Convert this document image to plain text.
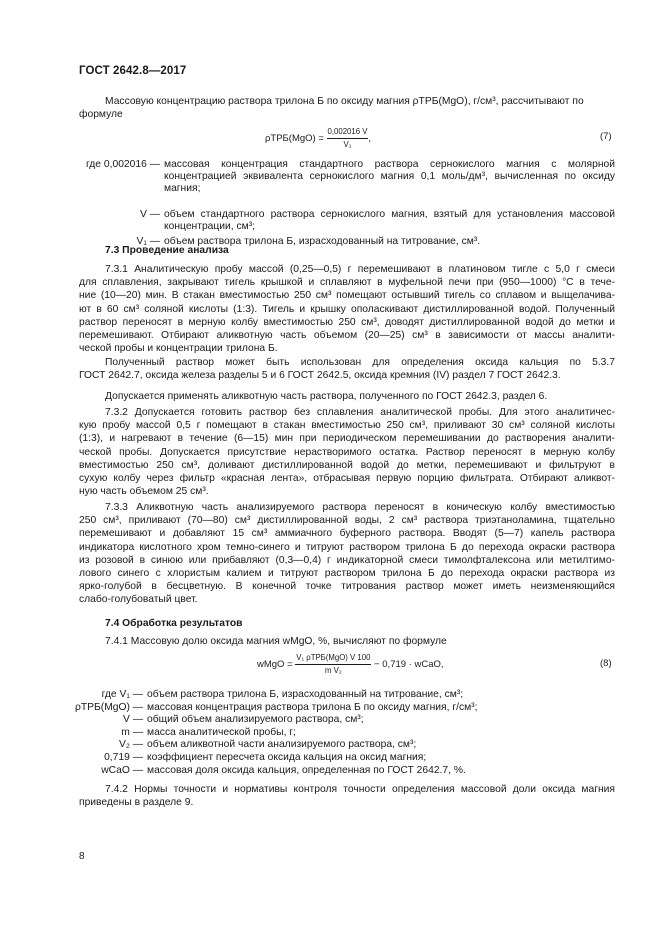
ГОСТ 2642.8—2017
Массовую концентрацию раствора трилона Б по оксиду магния ρТРБ(MgO), г/см³, рассчитывают по
формуле
$\rho ТРБ(MgO) = \frac{0,002016 V}{\text{V₁}}$ ,	(7)
где 0,002016 — массовая концентрация стандартного раствора сернокислого магния c молярной концентрацией эквивалента сернокислого магния 0,1 моль/дм³, вычисленная по оксиду магния;
V — объем стандартного раствора сернокислого магния, взятый для установления массовой концентрации, см³;
V₁ — объем раствора трилона Б, израсходованный на титрование, см³.
7.3 Проведение анализа
7.3.1 Аналитическую пробу массой (0,25—0,5) г перемешивают в платиновом тигле с 5,0 г смеси
для сплавления, закрывают тигель крышкой и сплавляют в муфельной печи при (950—1000) °С в тече-
ние (10—20) мин. В стакан вместимостью 250 см³ помещают остывший тигель со сплавом и выщелачива-
ют в 60 см³ соляной кислоты (1:3). Тигель и крышку ополаскивают дистиллированной водой. Полученный
раствор переносят в мерную колбу вместимостью 250 см³, доводят дистиллированной водой до метки и
перемешивают. Отбирают аликвотную часть объемом (20—25) см³ в зависимости от массы аналити-
ческой пробы и концентрации трилона Б.
Полученный раствор может быть использован для определения оксида кальция по 5.3.7
ГОСТ 2642.7, оксида железа разделы 5 и 6 ГОСТ 2642.5, оксида кремния (IV) раздел 7 ГОСТ 2642.3.
Допускается применять аликвотную часть раствора, полученного по ГОСТ 2642.3, раздел 6.
7.3.2 Допускается готовить раствор без сплавления аналитической пробы. Для этого аналитичес-
кую пробу массой 0,5 г помещают в стакан вместимостью 250 см³, приливают 30 см³ соляной кислоты
(1:3), и нагревают в течение (6—15) мин при периодическом перемешивании до растворения аналити-
ческой пробы. Допускается присутствие нерастворимого остатка. Раствор переносят в мерную колбу
вместимостью 250 см³, доливают дистиллированной водой до метки, перемешивают и фильтруют в
сухую колбу через фильтр «красная лента», отбрасывая первую порцию фильтрата. Отбирают аликвот-
ную часть объемом 25 см³.
7.3.3 Аликвотную часть анализируемого раствора переносят в коническую колбу вместимостью
250 см³, приливают (70—80) см³ дистиллированной воды, 2 см³ раствора триэтаноламина, тщательно
перемешивают и добавляют 15 см³ аммиачного буферного раствора. Вводят (5—7) капель раствора
индикатора кислотного хром темно-синего и титруют раствором трилона Б до перехода окраски раствора
из розовой в синюю или прибавляют (0,3—0,4) г индикаторной смеси тимолфталексона или метилтимо-
лового синего с хлористым калием и титруют раствором трилона Б до перехода окраски раствора из
ярко-голубой в бесцветную. В конечной точке титрования раствор может иметь неизменяющийся
слабо-голубоватый цвет.
7.4 Обработка результатов
7.4.1 Массовую долю оксида магния wMgO, %, вычисляют по формуле
wMgO = $\frac{\text{V₁ ρТРБ(MgO) V 100}}{\text{m V₂}} - 0,719$ · wCaO,	(8)
где V₁ — объем раствора трилона Б, израсходованный на титрование, см³;
ρТРБ(MgO) — массовая концентрация раствора трилона Б по оксиду магния, г/см³;
V — общий объем анализируемого раствора, см³;
m — масса аналитической пробы, г;
V₂ — объем аликвотной части анализируемого раствора, см³;
0,719 — коэффициент пересчета оксида кальция на оксид магния;
wCaO — массовая доля оксида кальция, определенная по ГОСТ 2642.7, %.
7.4.2 Нормы точности и нормативы контроля точности определения массовой доли оксида магния
приведены в разделе 9.
8
